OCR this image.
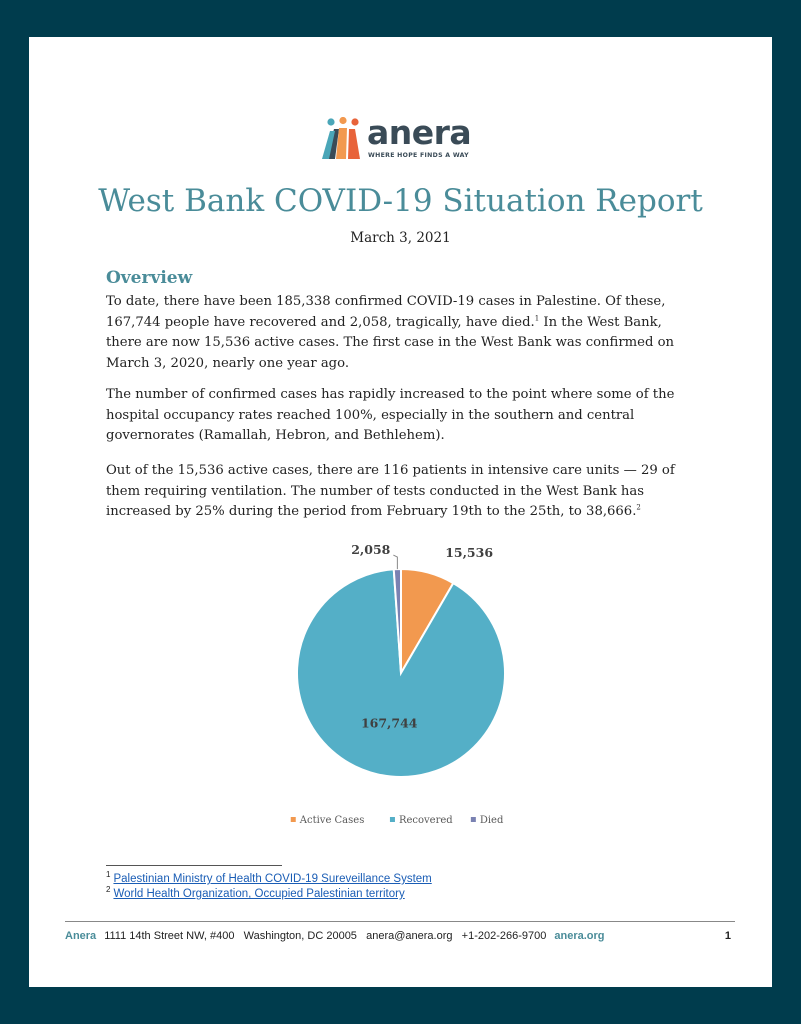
anera
WHERE HOPE FINDS A WAY
West Bank COVID-19 Situation Report
March 3, 2021
Overview

To date, there have been 185,338 confirmed COVID-19 cases in Palestine. Of these, 167,744 people have recovered and 2,058, tragically, have died.$^1$ In the West Bank, there are now 15,536 active cases. The first case in the West Bank was confirmed on March 3, 2020, nearly one year ago.

The number of confirmed cases has rapidly increased to the point where some of the hospital occupancy rates reached 100%, especially in the southern and central governorates (Ramallah, Hebron, and Bethlehem).

Out of the 15,536 active cases, there are 116 patients in intensive care units — 29 of them requiring ventilation. The number of tests conducted in the West Bank has increased by 25% during the period from February 19th to the 25th, to 38,666.$^2$

15,536
167,744
2,058
Active Cases	Recovered	Died
$^1$ Palestinian Ministry of Health COVID-19 Sureveillance System
$^2$ World Health Organization, Occupied Palestinian territory
Anera 1111 14th Street NW, #400   Washington, DC 20005   anera@anera.org   +1-202-266-9700 anera.org	1
